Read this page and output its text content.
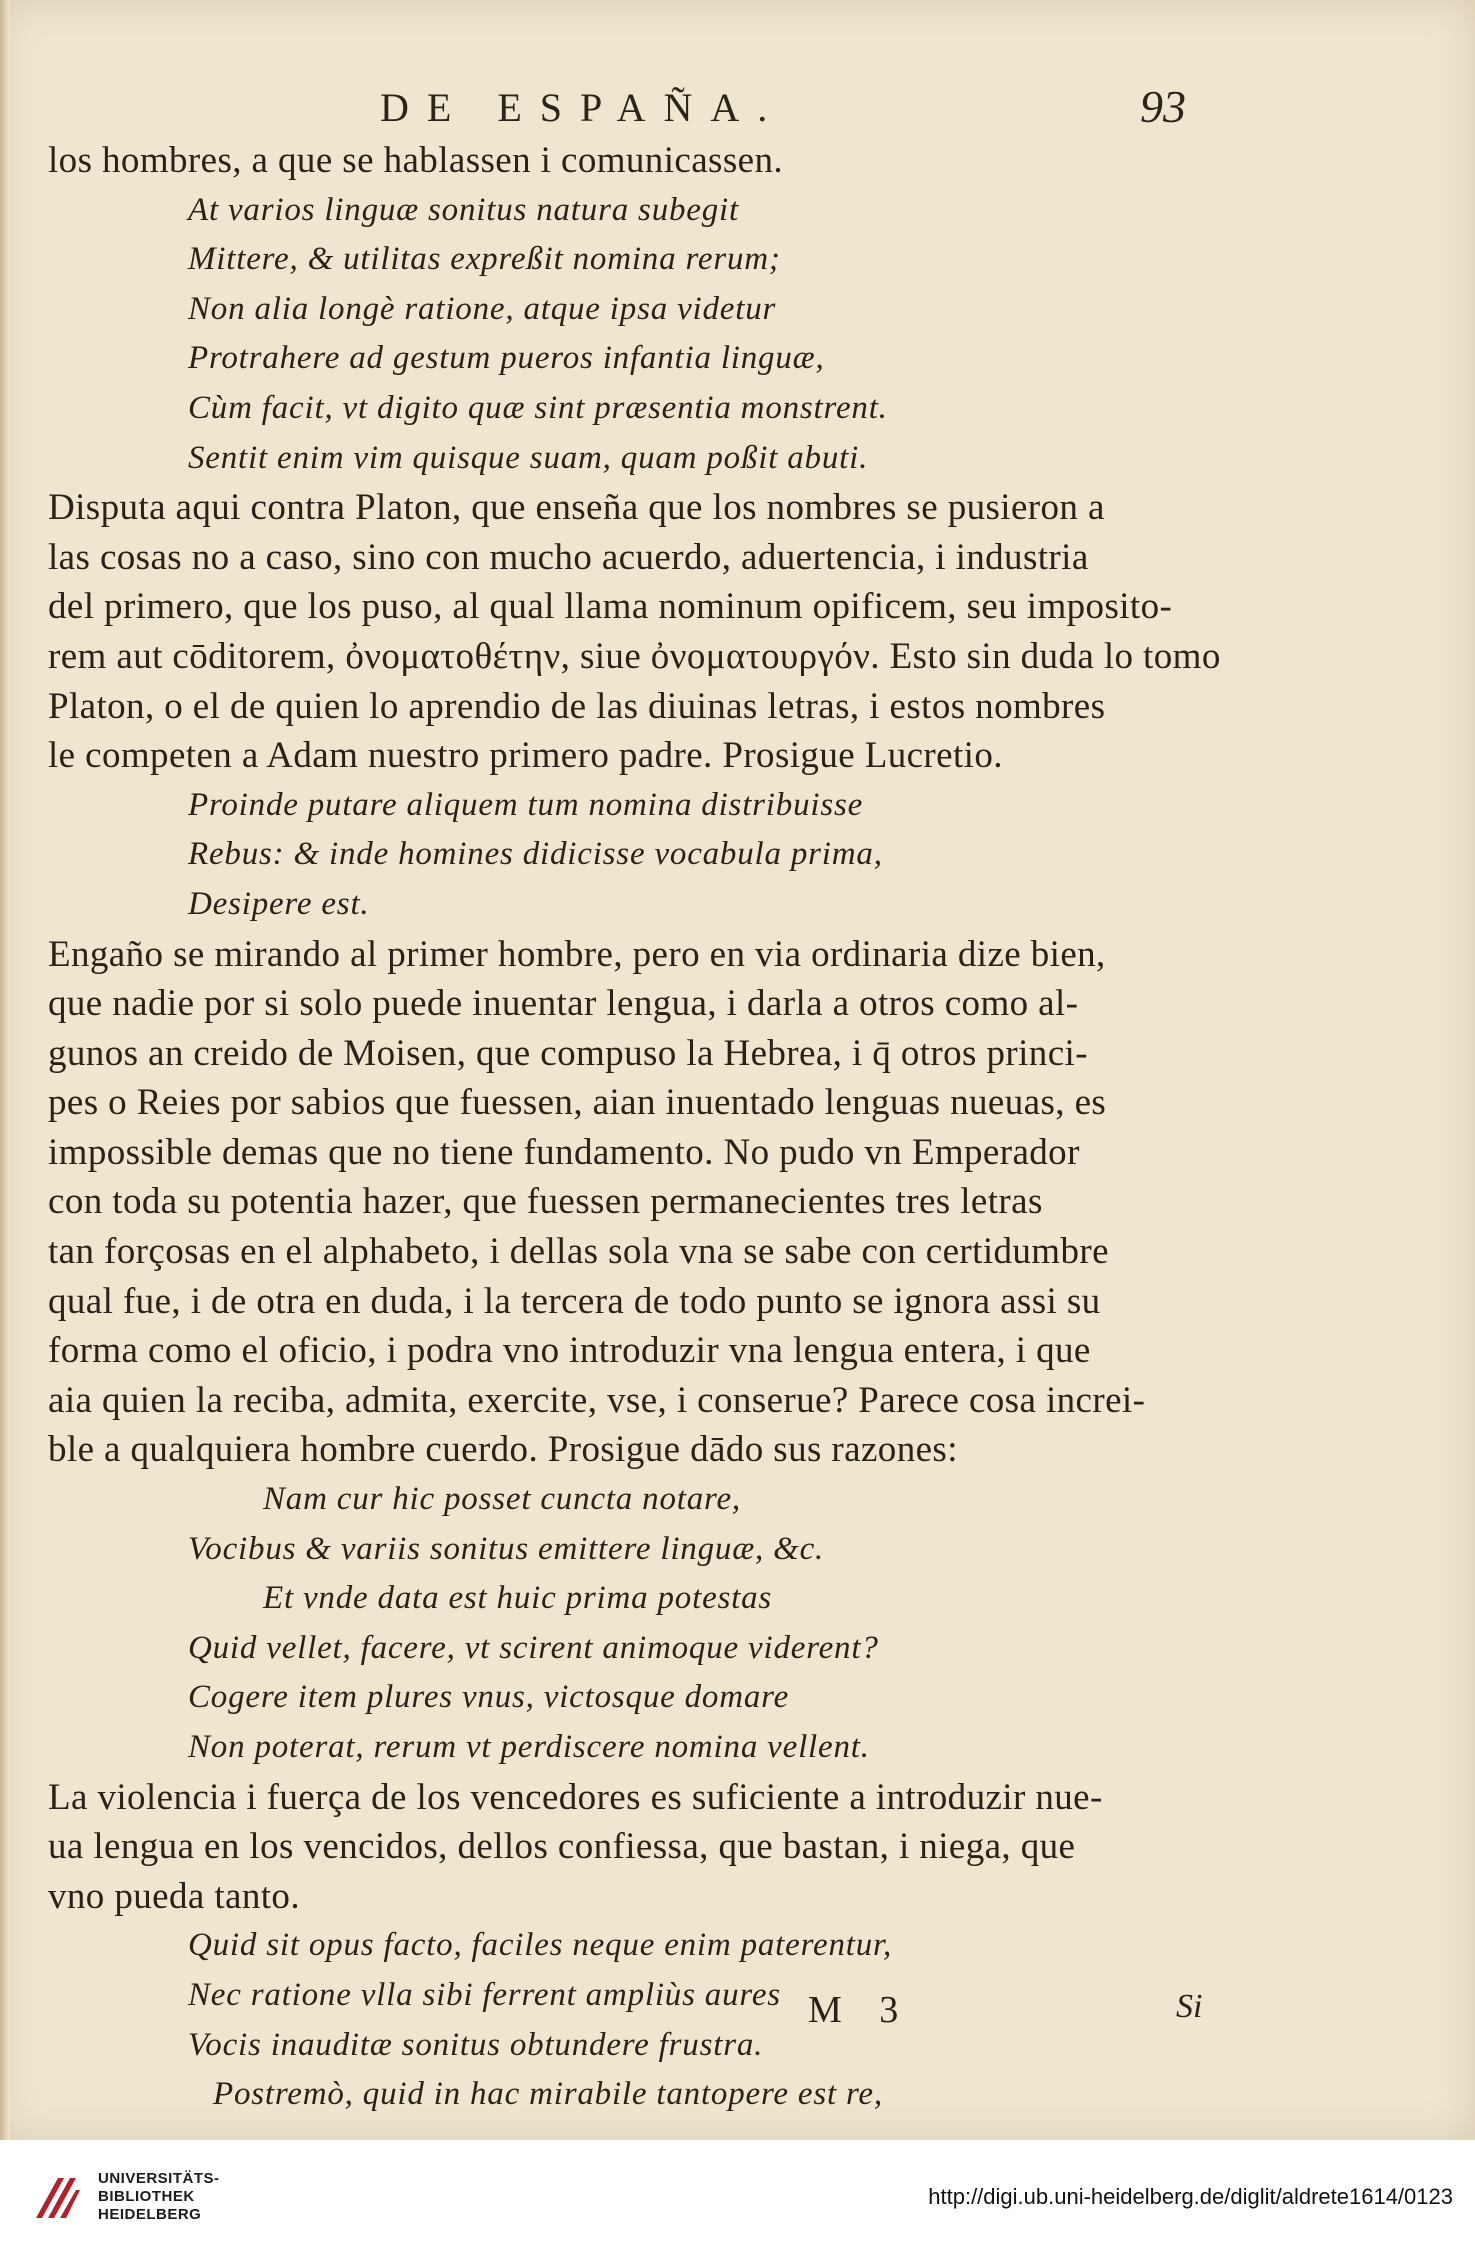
DE ESPAÑA.	93
los hombres, a que se hablassen i comunicassen.
At varios linguæ sonitus natura subegit
Mittere, & utilitas expreßit nomina rerum;
Non alia longè ratione, atque ipsa videtur
Protrahere ad gestum pueros infantia linguæ,
Cùm facit, vt digito quæ sint præsentia monstrent.
Sentit enim vim quisque suam, quam poßit abuti.
Disputa aqui contra Platon, que enseña que los nombres se pusieron a
las cosas no a caso, sino con mucho acuerdo, aduertencia, i industria
del primero, que los puso, al qual llama nominum opificem, seu imposito-
rem aut cōditorem, ὀνοματοθέτην, siue ὀνοματουργόν. Esto sin duda lo tomo
Platon, o el de quien lo aprendio de las diuinas letras, i estos nombres
le competen a Adam nuestro primero padre. Prosigue Lucretio.
Proinde putare aliquem tum nomina distribuisse
Rebus: & inde homines didicisse vocabula prima,
Desipere est.
Engaño se mirando al primer hombre, pero en via ordinaria dize bien,
que nadie por si solo puede inuentar lengua, i darla a otros como al-
gunos an creido de Moisen, que compuso la Hebrea, i q̄ otros princi-
pes o Reies por sabios que fuessen, aian inuentado lenguas nueuas, es
impossible demas que no tiene fundamento. No pudo vn Emperador
con toda su potentia hazer, que fuessen permanecientes tres letras
tan forçosas en el alphabeto, i dellas sola vna se sabe con certidumbre
qual fue, i de otra en duda, i la tercera de todo punto se ignora assi su
forma como el oficio, i podra vno introduzir vna lengua entera, i que
aia quien la reciba, admita, exercite, vse, i conserue? Parece cosa increi-
ble a qualquiera hombre cuerdo. Prosigue dādo sus razones:
Nam cur hic posset cuncta notare,
Vocibus & variis sonitus emittere linguæ, &c.
Et vnde data est huic prima potestas
Quid vellet, facere, vt scirent animoque viderent?
Cogere item plures vnus, victosque domare
Non poterat, rerum vt perdiscere nomina vellent.
La violencia i fuerça de los vencedores es suficiente a introduzir nue-
ua lengua en los vencidos, dellos confiessa, que bastan, i niega, que
vno pueda tanto.
Quid sit opus facto, faciles neque enim paterentur,
Nec ratione vlla sibi ferrent ampliùs aures
Vocis inauditæ sonitus obtundere frustra.
Postremò, quid in hac mirabile tantopere est re,
M 3	Si
UNIVERSITÄTS-
BIBLIOTHEK
HEIDELBERG
http://digi.ub.uni-heidelberg.de/diglit/aldrete1614/0123
